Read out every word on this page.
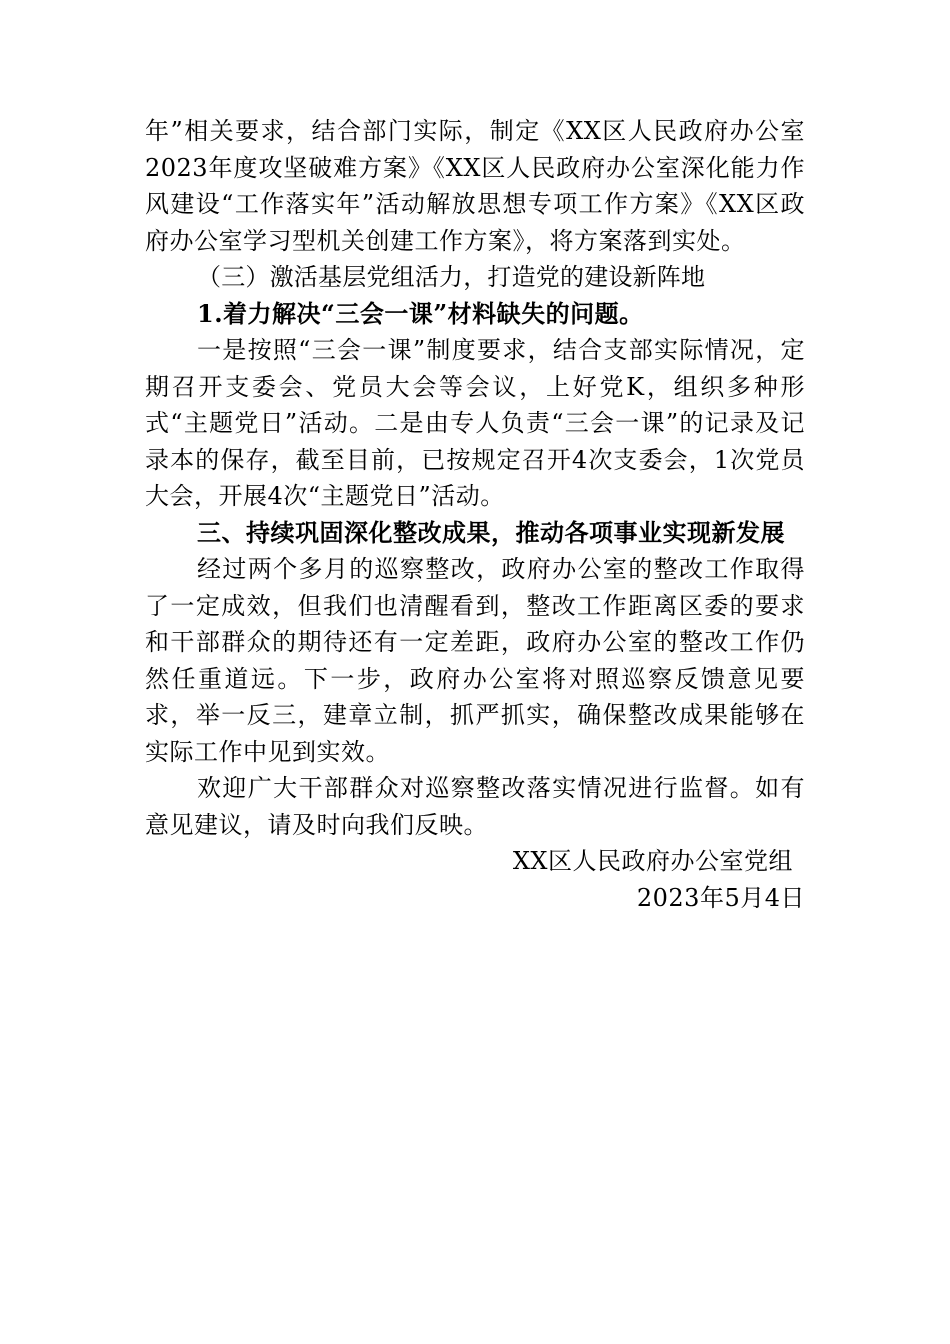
年”相关要求，结合部门实际，制定《XX区人民政府办公室2023年度攻坚破难方案》《XX区人民政府办公室深化能力作风建设“工作落实年”活动解放思想专项工作方案》《XX区政府办公室学习型机关创建工作方案》，将方案落到实处。

（三）激活基层党组活力，打造党的建设新阵地

1.着力解决“三会一课”材料缺失的问题。

一是按照“三会一课”制度要求，结合支部实际情况，定期召开支委会、党员大会等会议，上好党K，组织多种形式“主题党日”活动。二是由专人负责“三会一课”的记录及记录本的保存，截至目前，已按规定召开4次支委会，1次党员大会，开展4次“主题党日”活动。

三、持续巩固深化整改成果，推动各项事业实现新发展

经过两个多月的巡察整改，政府办公室的整改工作取得了一定成效，但我们也清醒看到，整改工作距离区委的要求和干部群众的期待还有一定差距，政府办公室的整改工作仍然任重道远。下一步，政府办公室将对照巡察反馈意见要求，举一反三，建章立制，抓严抓实，确保整改成果能够在实际工作中见到实效。

欢迎广大干部群众对巡察整改落实情况进行监督。如有意见建议，请及时向我们反映。

XX区人民政府办公室党组

2023年5月4日
